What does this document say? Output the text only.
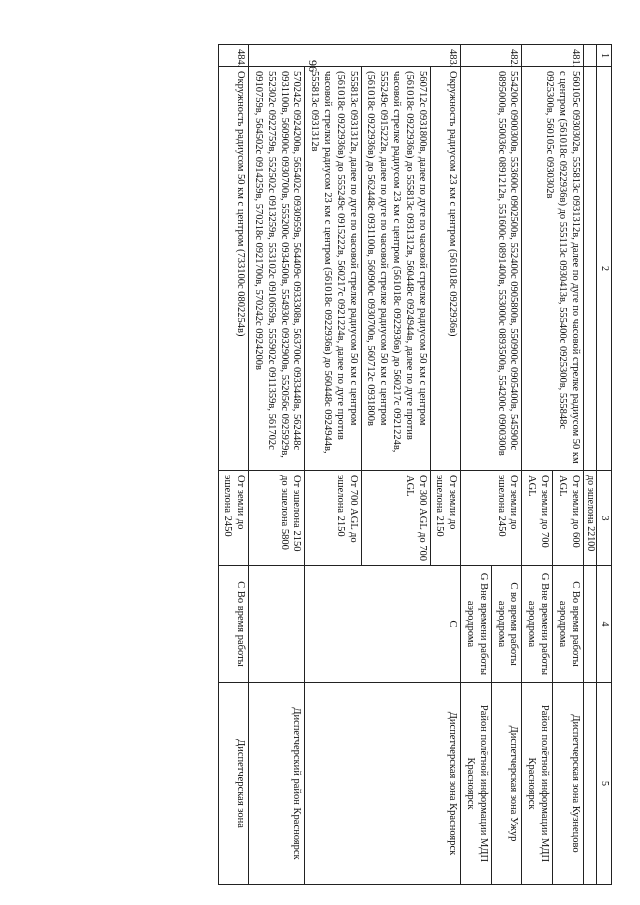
96
1	2	3	4	5
		до эшелона 22100		
481.	560105с 0930302в, 555813с 0931312в, далее по дуге по часовой стрелке радиусом 50 км с центром (561018с 0922936в) до 555113с 0930413в, 555400с 0925300в, 555848с 0925300в, 560105с 0930302в	От земли до 600 AGL	С Во время работы аэродрома	Диспетчерская зона Кузнецово
		От земли до 700 AGL	G Вне времени работы аэродрома	Район полётной информации МДП Красноярск
482.	554200с 0900300в, 553600с 0902500в, 552400с 0905800в, 550900с 0905400в, 545900с 0895000в, 550036с 0891212в, 551600с 0891400в, 553000с 0893500в, 554200с 0900300в	От земли до эшелона 2450	С во время работы аэродрома	Диспетчерская зона Ужур
			G Вне времени работы аэродрома	Район полётной информации МДП Красноярск
483.	Окружность радиусом 23 км с центром (561018с 0922936в)	От земли до эшелона 2150	С	Диспетчерская зона Красноярск
	560712с 0931800в, далее по дуге по часовой стрелке радиусом 50 км с центром (561018с 0922936в) до 555813с 0931312в, 560448с 0924944в, далее по дуге против часовой стрелке радиусом 23 км с центром (561018с 0922936в) до 560217с 0921224в, 555249с 0915222в, далее по дуге по часовой стрелке радиусом 50 км с центром (561018с 0922936в) до 562448с 0931100в, 560900с 0930700в, 560712с 0931800в	От 300 AGL до 700 AGL		
	555813с 0931312в, далее по дуге по часовой стрелке радиусом 50 км с центром (561018с 0922936в) до 555249с 0915222в, 560217с 0921224в, далее по дуге против часовой стрелки радиусом 23 км с центром (561018с 0922936в) до 560448с 0924944в, 555813с 0931312в	От 700 AGL до эшелона 2150		
	570242с 0924200в, 565402с 0930959в, 564409с 0933308в, 563700с 0933448в, 562448с 0931100в, 560900с 0930700в, 555200с 0934500в, 554930с 0932900в, 552056с 0925929в, 552302с 0922759в, 552502с 0913259в, 553102с 0910659в, 555902с 0911359в, 561702с 0910759в, 564502с 0914259в, 570218с 0921700в, 570242с 0924200в	От эшелона 2150 до эшелона 5800		Диспетчерский район Красноярск
484.	Окружность радиусом 50 км с центром (733100с 0802254в)	От земли до эшелона 2450	С Во время работы	Диспетчерская зона
